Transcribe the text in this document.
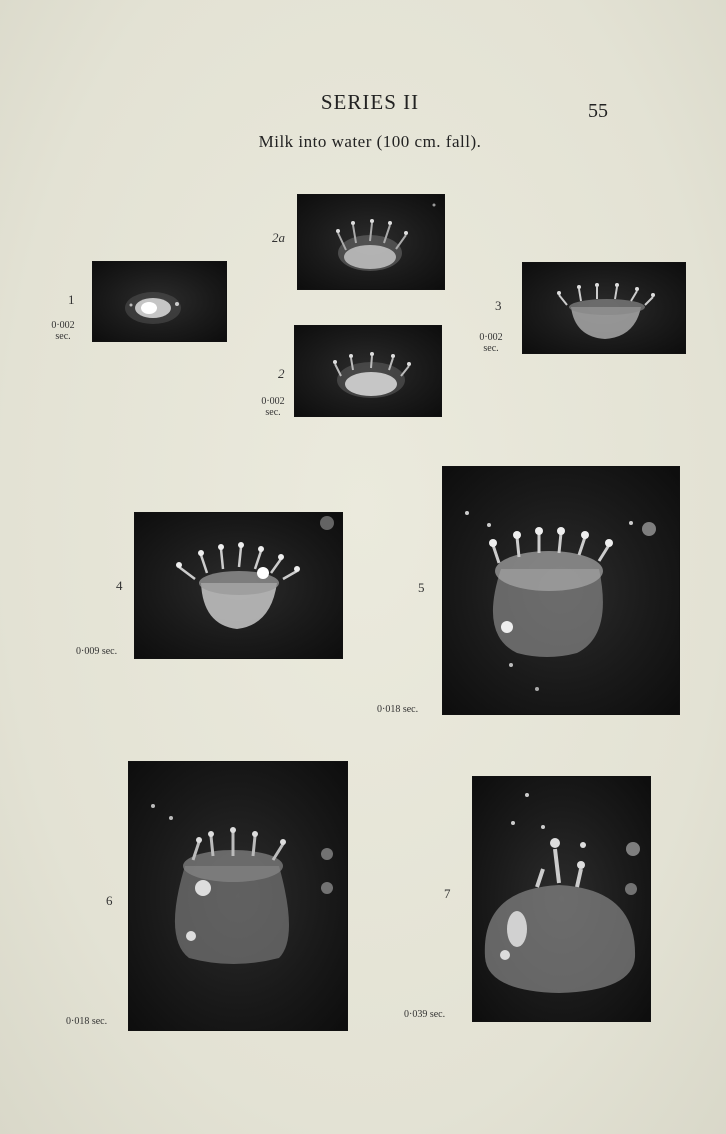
SERIES II	55
Milk into water (100 cm. fall).
1
0·002
sec.
2a
2
0·002
sec.
3
0·002
sec.
4
0·009 sec.
5
0·018 sec.
6
0·018 sec.
7
0·039 sec.
